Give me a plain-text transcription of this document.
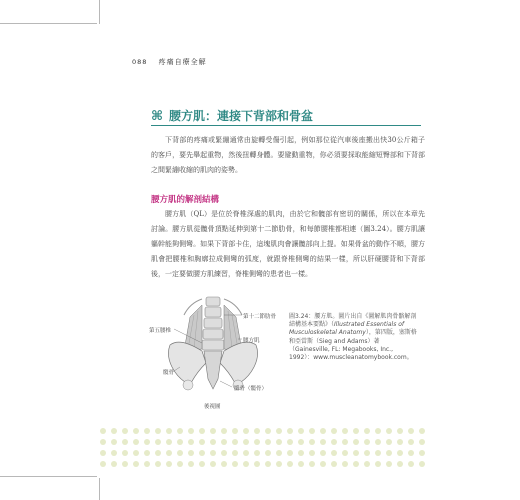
088 疼痛自療全解
⌘ 腰方肌：連接下背部和骨盆

下背部的疼痛或緊繃通常由旋轉受傷引起，例如那位從汽車後座搬出快30公斤箱子的客戶，要先舉起重物，然後扭轉身體。要避動重物，你必須要採取能縮短臀部和下背部之間緊繃收縮的肌肉的姿勢。

腰方肌的解剖結構

腰方肌（QL）是位於脊椎深處的肌肉，由於它和髖部有密切的關係，所以在本章先討論。腰方肌從髖骨頂點延伸到第十二節肋骨，和每節腰椎都相連（圖3.24）。腰方肌讓軀幹能夠側彎。如果下背部卡住，這塊肌肉會讓髖部向上提。如果骨盆的動作不順，腰方肌會把腰椎和胸廓拉成側彎的弧度，就跟脊椎側彎的結果一樣，所以肝硬腰背和下背部後，一定要做腰方肌練習，脊椎側彎的患者也一樣。

第十二節肋骨
第五腰椎
腰方肌
髖骨
骼骨（髖骨）
後視圖
圖3.24：腰方肌。圖片出自《圖解肌肉骨骼解剖結構基本要點》（Illustrated Essentials of Musculoskeletal Anatomy），第四版，塞斯格和亞當斯（Sieg and Adams）著（Gainesville, FL: Megabooks, Inc., 1992）：www.muscleanatomybook.com。
